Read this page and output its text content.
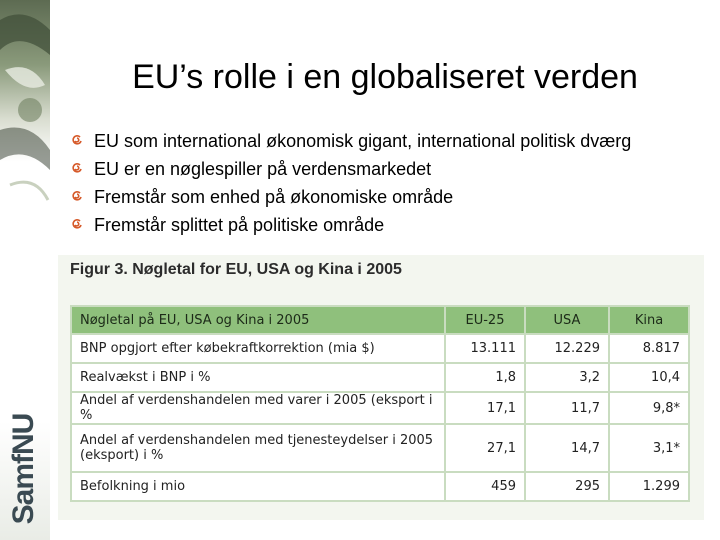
SamfNU
EU’s rolle i en globaliseret verden
EU som international økonomisk gigant, international politisk dværg
EU er en nøglespiller på verdensmarkedet
Fremstår som enhed på økonomiske område
Fremstår splittet på politiske område
Figur 3. Nøgletal for EU, USA og Kina i 2005
Nøgletal på EU, USA og Kina i 2005	EU-25	USA	Kina
BNP opgjort efter købekraftkorrektion (mia $)	13.111	12.229	8.817
Realvækst i BNP i %	1,8	3,2	10,4
Andel af verdenshandelen med varer i 2005 (eksport i %	17,1	11,7	9,8*
Andel af verdenshandelen med tjenesteydelser i 2005 (eksport) i %	27,1	14,7	3,1*
Befolkning i mio	459	295	1.299
